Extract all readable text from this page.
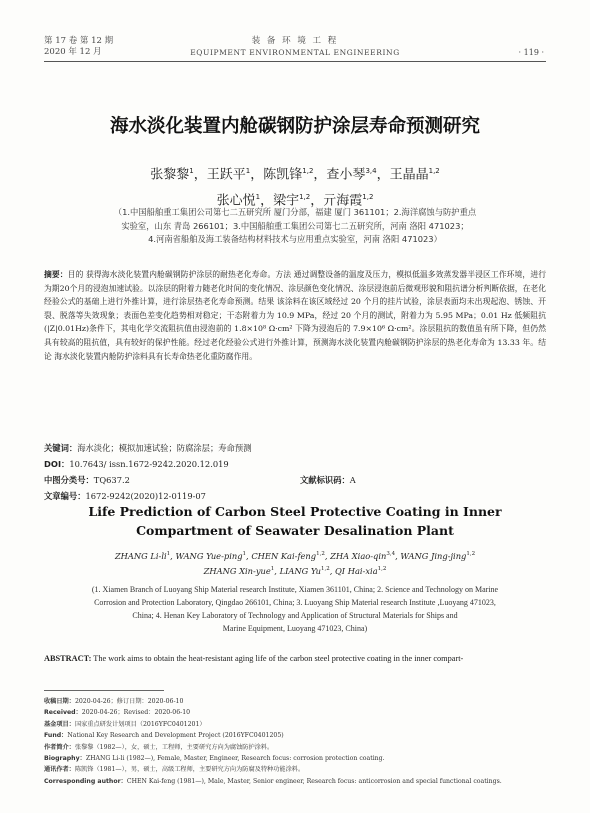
第 17 卷 第 12 期
2020 年 12 月
装 备 环 境 工 程
EQUIPMENT ENVIRONMENTAL ENGINEERING	· 119 ·
海水淡化装置内舱碳钢防护涂层寿命预测研究
张黎黎$^1$，王跃平$^1$，陈凯锋$^{1,2}$，查小琴$^{3,4}$，王晶晶$^{1,2}$
张心悦$^1$，梁宇$^{1,2}$，亓海霞$^{1,2}$
（1.中国船舶重工集团公司第七二五研究所 厦门分部，福建 厦门 361101；2.海洋腐蚀与防护重点
实验室，山东 青岛 266101；3.中国船舶重工集团公司第七二五研究所，河南 洛阳 471023；
4.河南省船舶及海工装备结构材料技术与应用重点实验室，河南 洛阳 471023）
摘要：目的 获得海水淡化装置内舱碳钢防护涂层的耐热老化寿命。方法 通过调整设备的温度及压力，模拟低温多效蒸发器半浸区工作环境，进行为期20个月的浸泡加速试验。以涂层的附着力随老化时间的变化情况、涂层颜色变化情况、涂层浸泡前后微观形貌和阻抗谱分析判断依据，在老化经验公式的基础上进行外推计算，进行涂层热老化寿命预测。结果 该涂料在该区域经过 20 个月的挂片试验，涂层表面均未出现起泡、锈蚀、开裂、脱落等失效现象；表面色差变化趋势相对稳定；干态附着力为 10.9 MPa，经过 20 个月的测试，附着力为 5.95 MPa；0.01 Hz 低频阻抗(|Z|0.01Hz)条件下，其电化学交流阻抗值由浸泡前的 1.8×10⁸ Ω·cm² 下降为浸泡后的 7.9×10⁶ Ω·cm²。涂层阻抗的数值虽有所下降，但仍然具有较高的阻抗值，具有较好的保护性能。经过老化经验公式进行外推计算，预测海水淡化装置内舱碳钢防护涂层的热老化寿命为 13.33 年。结论 海水淡化装置内舱防护涂料具有长寿命热老化重防腐作用。
关键词：海水淡化；模拟加速试验；防腐涂层；寿命预测
DOI：10.7643/ issn.1672-9242.2020.12.019
中图分类号：TQ637.2	文献标识码：A
文章编号：1672-9242(2020)12-0119-07
Life Prediction of Carbon Steel Protective Coating in Inner
Compartment of Seawater Desalination Plant
ZHANG $Li-li^1$, WANG Yue-ping$^1$, CHEN Kai-feng$^{1,2}$, ZHA Xiao-qin$^{3,4}$, WANG Jing-jing$^{1,2}$
ZHANG Xin-yue$^1$, LIANG Yu$^{1,2}$, QI Hai-xia$^{1,2}$
(1. Xiamen Branch of Luoyang Ship Material research Institute, Xiamen 361101, China; 2. Science and Technology on Marine
Corrosion and Protection Laboratory, Qingdao 266101, China; 3. Luoyang Ship Material research Institute ,Luoyang 471023,
China; 4. Henan Key Laboratory of Technology and Application of Structural Materials for Ships and
Marine Equipment, Luoyang 471023, China)
ABSTRACT: The work aims to obtain the heat-resistant aging life of the carbon steel protective coating in the inner compart-
收稿日期：2020-04-26；修订日期：2020-06-10
Received：2020-04-26；Revised：2020-06-10
基金项目：国家重点研发计划项目（2016YFC0401201）
Fund：National Key Research and Development Project (2016YFC0401205)
作者简介：张黎黎（1982—），女，硕士，工程师，主要研究方向为腐蚀防护涂料。
Biography：ZHANG Li-li (1982—), Female, Master, Engineer, Research focus: corrosion protection coating.
通讯作者：陈凯锋（1981—），男，硕士，高级工程师，主要研究方向为防腐及特种功能涂料。
Corresponding author：CHEN Kai-feng (1981—), Male, Master, Senior engineer, Research focus: anticorrosion and special functional coatings.
